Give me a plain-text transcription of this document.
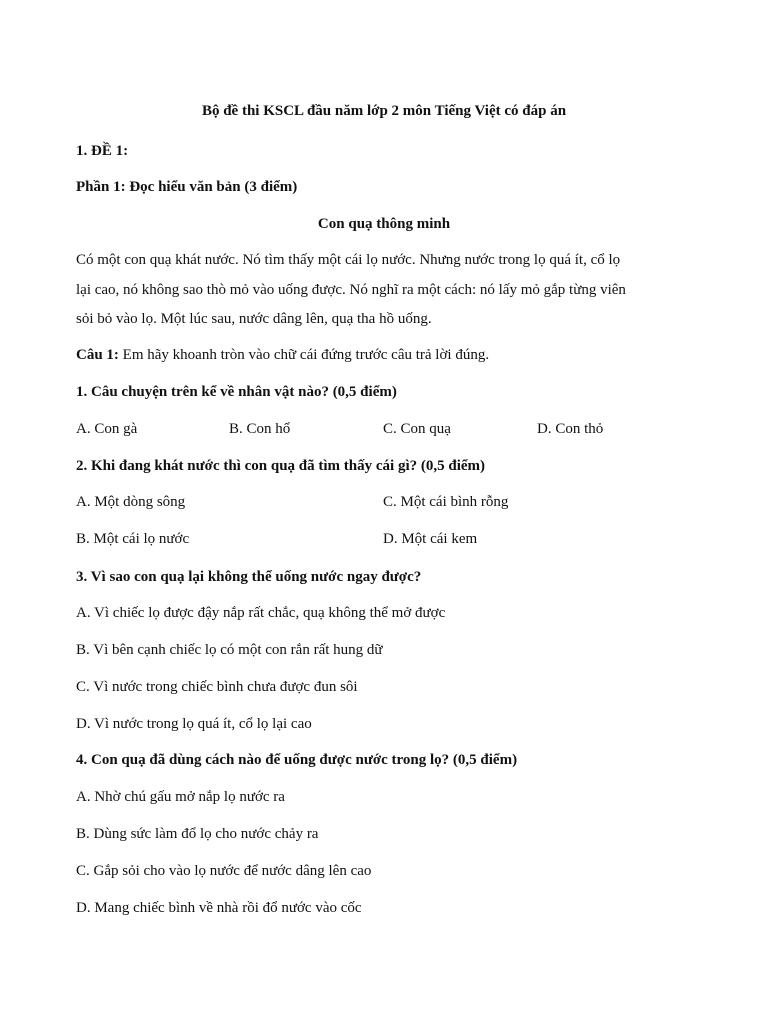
Bộ đề thi KSCL đầu năm lớp 2 môn Tiếng Việt có đáp án
1. ĐỀ 1:
Phần 1: Đọc hiểu văn bản (3 điểm)
Con quạ thông minh
Có một con quạ khát nước. Nó tìm thấy một cái lọ nước. Nhưng nước trong lọ quá ít, cổ lọ
lại cao, nó không sao thò mỏ vào uống được. Nó nghĩ ra một cách: nó lấy mỏ gắp từng viên
sỏi bỏ vào lọ. Một lúc sau, nước dâng lên, quạ tha hồ uống.
Câu 1: Em hãy khoanh tròn vào chữ cái đứng trước câu trả lời đúng.
1. Câu chuyện trên kể về nhân vật nào? (0,5 điểm)
A. Con gà	B. Con hổ	C. Con quạ	D. Con thỏ
2. Khi đang khát nước thì con quạ đã tìm thấy cái gì? (0,5 điểm)
A. Một dòng sông	C. Một cái bình rỗng
B. Một cái lọ nước	D. Một cái kem
3. Vì sao con quạ lại không thể uống nước ngay được?
A. Vì chiếc lọ được đậy nắp rất chắc, quạ không thể mở được
B. Vì bên cạnh chiếc lọ có một con rắn rất hung dữ
C. Vì nước trong chiếc bình chưa được đun sôi
D. Vì nước trong lọ quá ít, cổ lọ lại cao
4. Con quạ đã dùng cách nào để uống được nước trong lọ? (0,5 điểm)
A. Nhờ chú gấu mở nắp lọ nước ra
B. Dùng sức làm đổ lọ cho nước chảy ra
C. Gắp sỏi cho vào lọ nước để nước dâng lên cao
D. Mang chiếc bình về nhà rồi đổ nước vào cốc
